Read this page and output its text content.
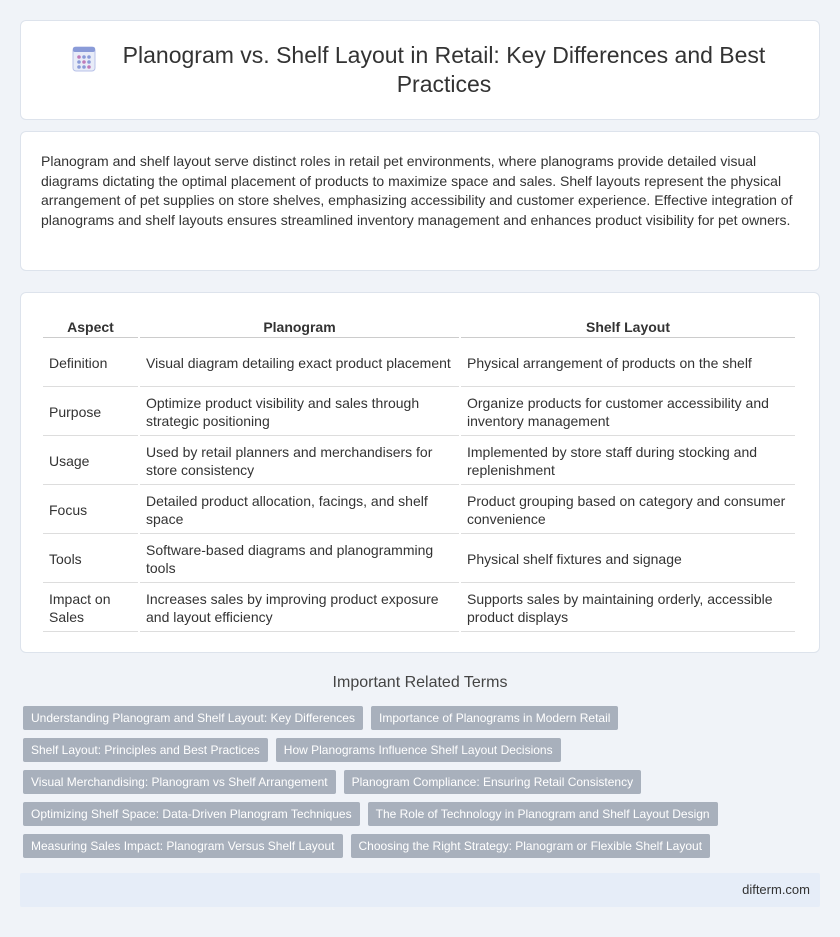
Planogram vs. Shelf Layout in Retail: Key Differences and Best Practices

Planogram and shelf layout serve distinct roles in retail pet environments, where planograms provide detailed visual diagrams dictating the optimal placement of products to maximize space and sales. Shelf layouts represent the physical arrangement of pet supplies on store shelves, emphasizing accessibility and customer experience. Effective integration of planograms and shelf layouts ensures streamlined inventory management and enhances product visibility for pet owners.

Aspect	Planogram	Shelf Layout
Definition	Visual diagram detailing exact product placement	Physical arrangement of products on the shelf
Purpose	Optimize product visibility and sales through strategic positioning	Organize products for customer accessibility and inventory management
Usage	Used by retail planners and merchandisers for store consistency	Implemented by store staff during stocking and replenishment
Focus	Detailed product allocation, facings, and shelf space	Product grouping based on category and consumer convenience
Tools	Software-based diagrams and planogramming tools	Physical shelf fixtures and signage
Impact on Sales	Increases sales by improving product exposure and layout efficiency	Supports sales by maintaining orderly, accessible product displays
Important Related Terms
Understanding Planogram and Shelf Layout: Key Differences	Importance of Planograms in Modern Retail
Shelf Layout: Principles and Best Practices	How Planograms Influence Shelf Layout Decisions
Visual Merchandising: Planogram vs Shelf Arrangement	Planogram Compliance: Ensuring Retail Consistency
Optimizing Shelf Space: Data-Driven Planogram Techniques	The Role of Technology in Planogram and Shelf Layout Design
Measuring Sales Impact: Planogram Versus Shelf Layout	Choosing the Right Strategy: Planogram or Flexible Shelf Layout
difterm.com
